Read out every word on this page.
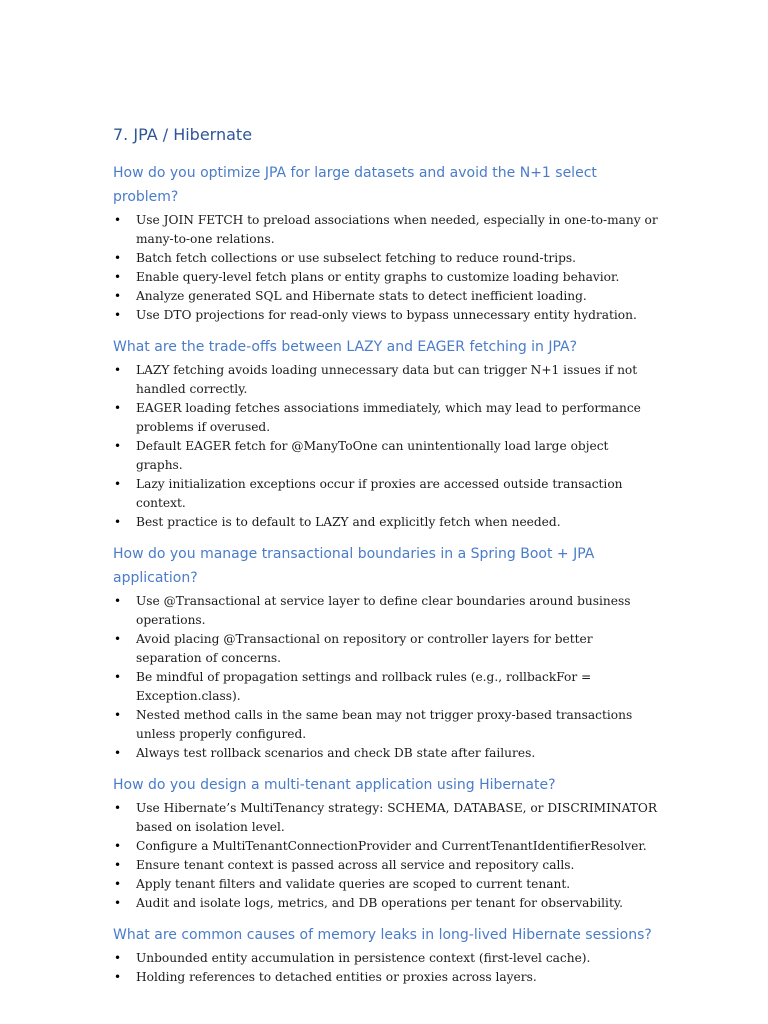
7. JPA / Hibernate
How do you optimize JPA for large datasets and avoid the N+1 select problem?
• Use JOIN FETCH to preload associations when needed, especially in one-to-many or many-to-one relations.
• Batch fetch collections or use subselect fetching to reduce round-trips.
• Enable query-level fetch plans or entity graphs to customize loading behavior.
• Analyze generated SQL and Hibernate stats to detect inefficient loading.
• Use DTO projections for read-only views to bypass unnecessary entity hydration.
What are the trade-offs between LAZY and EAGER fetching in JPA?
• LAZY fetching avoids loading unnecessary data but can trigger N+1 issues if not handled correctly.
• EAGER loading fetches associations immediately, which may lead to performance problems if overused.
• Default EAGER fetch for @ManyToOne can unintentionally load large object graphs.
• Lazy initialization exceptions occur if proxies are accessed outside transaction context.
• Best practice is to default to LAZY and explicitly fetch when needed.
How do you manage transactional boundaries in a Spring Boot + JPA application?
• Use @Transactional at service layer to define clear boundaries around business operations.
• Avoid placing @Transactional on repository or controller layers for better separation of concerns.
• Be mindful of propagation settings and rollback rules (e.g., rollbackFor = Exception.class).
• Nested method calls in the same bean may not trigger proxy-based transactions unless properly configured.
• Always test rollback scenarios and check DB state after failures.
How do you design a multi-tenant application using Hibernate?
• Use Hibernate’s MultiTenancy strategy: SCHEMA, DATABASE, or DISCRIMINATOR based on isolation level.
• Configure a MultiTenantConnectionProvider and CurrentTenantIdentifierResolver.
• Ensure tenant context is passed across all service and repository calls.
• Apply tenant filters and validate queries are scoped to current tenant.
• Audit and isolate logs, metrics, and DB operations per tenant for observability.
What are common causes of memory leaks in long-lived Hibernate sessions?
• Unbounded entity accumulation in persistence context (first-level cache).
• Holding references to detached entities or proxies across layers.
